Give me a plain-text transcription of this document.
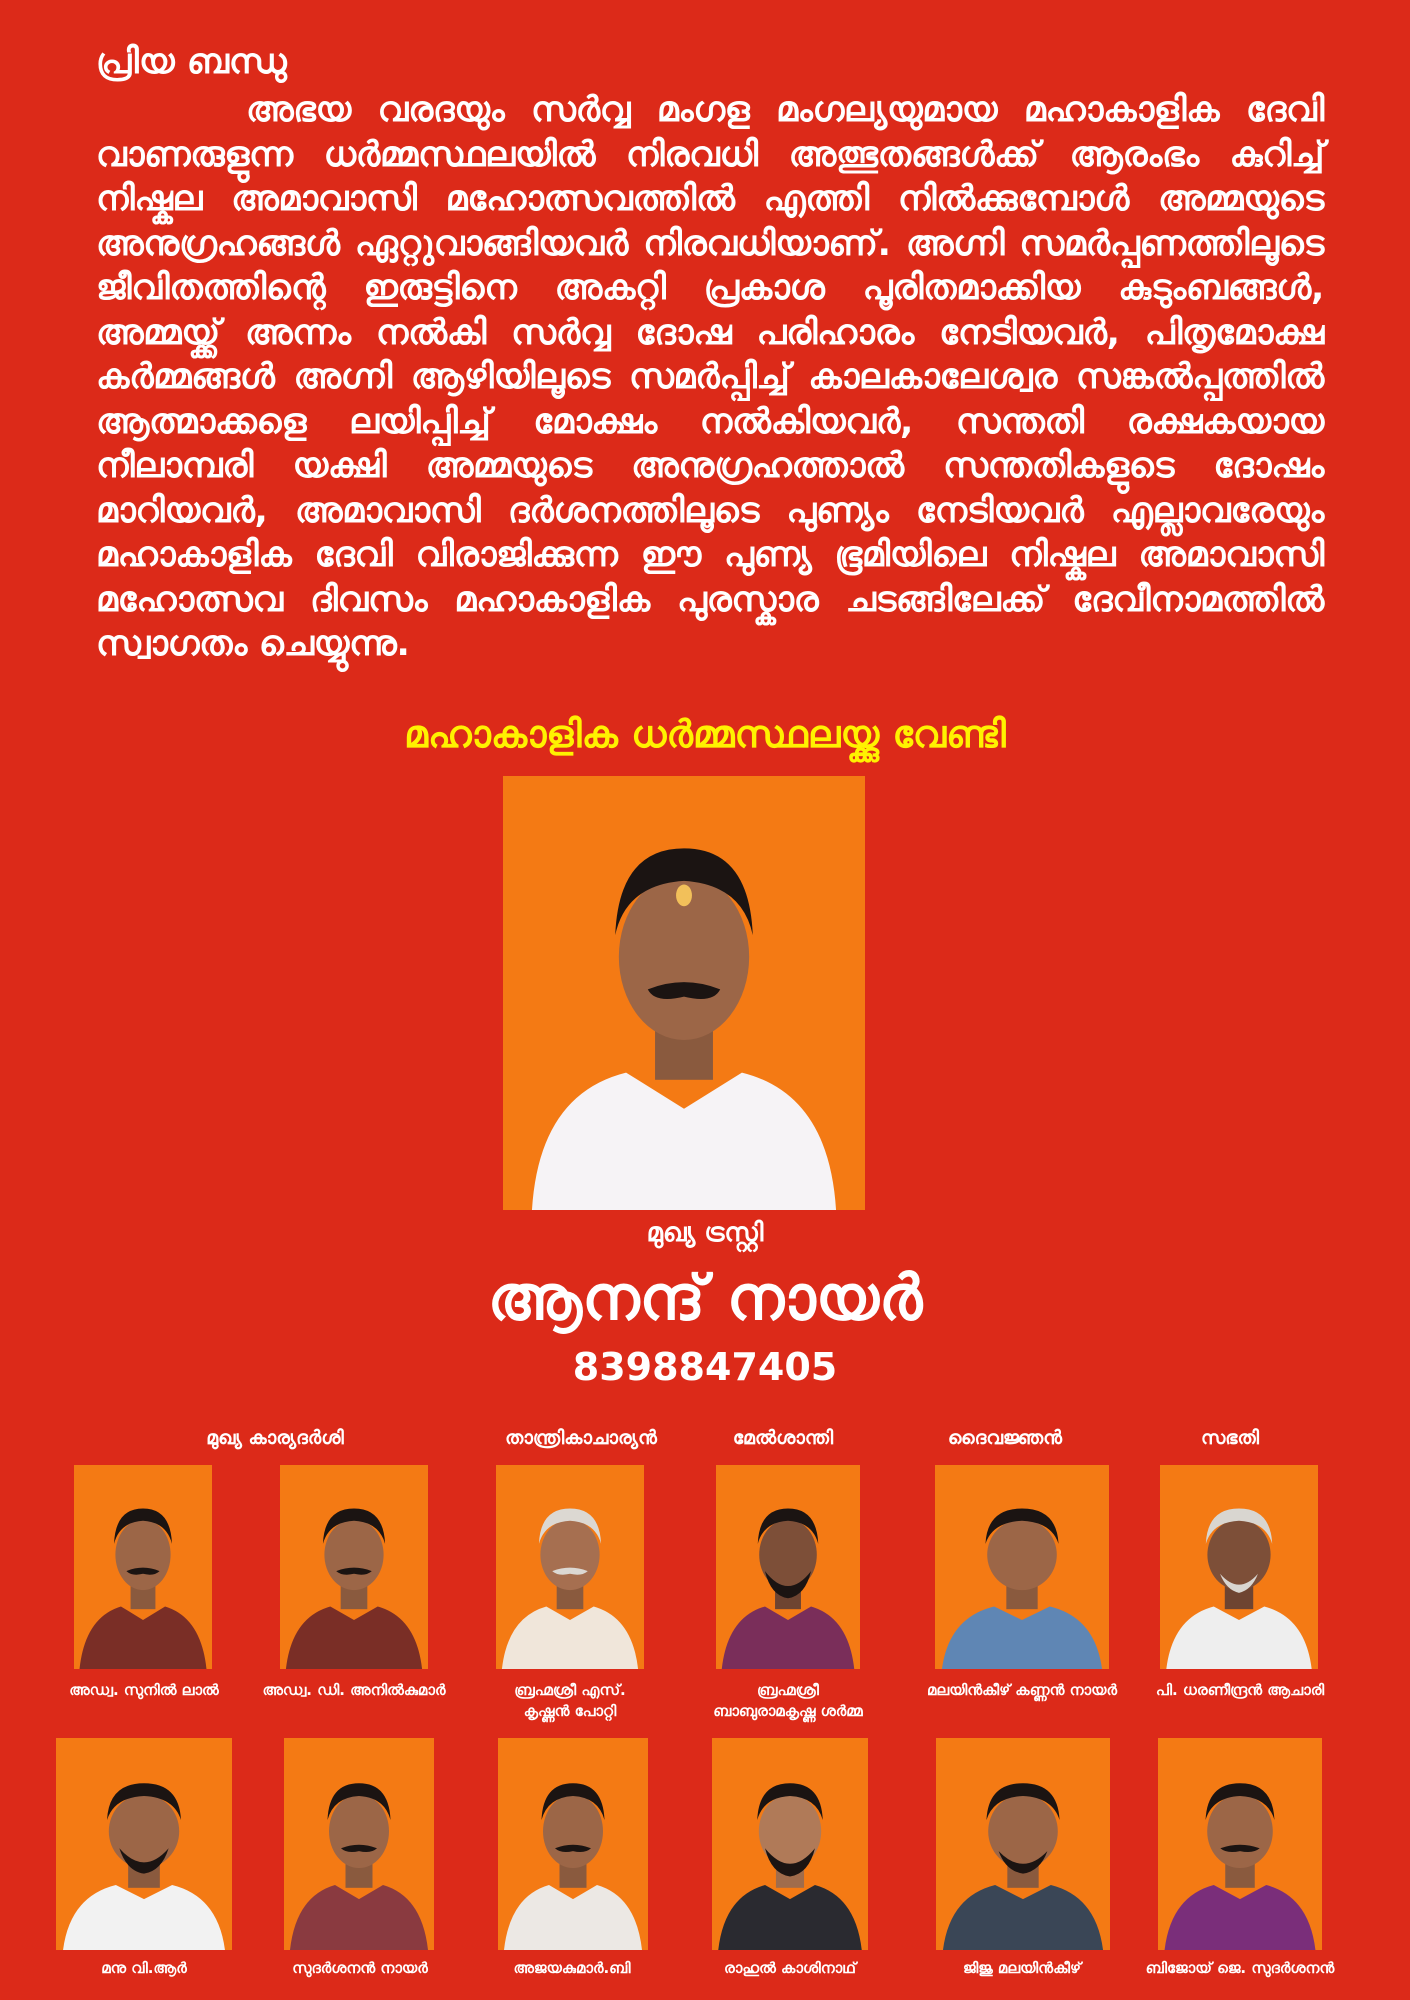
പ്രിയ ബന്ധു

അഭയ വരദയും സർവ്വ മംഗള മംഗല്യയുമായ മഹാകാളിക ദേവി വാണരുളുന്ന ധർമ്മസ്ഥലയിൽ നിരവധി അത്ഭുതങ്ങൾക്ക് ആരംഭം കുറിച്ച് നിഷ്കല അമാവാസി മഹോത്സവത്തിൽ എത്തി നിൽക്കുമ്പോൾ അമ്മയുടെ അനുഗ്രഹങ്ങൾ ഏറ്റുവാങ്ങിയവർ നിരവധിയാണ്. അഗ്നി സമർപ്പണത്തിലൂടെ ജീവിതത്തിന്റെ ഇരുട്ടിനെ അകറ്റി പ്രകാശ പൂരിതമാക്കിയ കുടുംബങ്ങൾ, അമ്മയ്ക്ക് അന്നം നൽകി സർവ്വ ദോഷ പരിഹാരം നേടിയവർ, പിതൃമോക്ഷ കർമ്മങ്ങൾ അഗ്നി ആഴിയിലൂടെ സമർപ്പിച്ച് കാലകാലേശ്വര സങ്കൽപ്പത്തിൽ ആത്മാക്കളെ ലയിപ്പിച്ച് മോക്ഷം നൽകിയവർ, സന്തതി രക്ഷകയായ നീലാമ്പരി യക്ഷി അമ്മയുടെ അനുഗ്രഹത്താൽ സന്തതികളുടെ ദോഷം മാറിയവർ, അമാവാസി ദർശനത്തിലൂടെ പുണ്യം നേടിയവർ എല്ലാവരേയും മഹാകാളിക ദേവി വിരാജിക്കുന്ന ഈ പുണ്യ ഭൂമിയിലെ നിഷ്കല അമാവാസി മഹോത്സവ ദിവസം മഹാകാളിക പുരസ്കാര ചടങ്ങിലേക്ക് ദേവീനാമത്തിൽ സ്വാഗതം ചെയ്യുന്നു.

മഹാകാളിക ധർമ്മസ്ഥലയ്ക്കു വേണ്ടി

മുഖ്യ ട്രസ്റ്റി
ആനന്ദ് നായർ
8398847405
മുഖ്യ കാര്യദർശി	താന്ത്രികാചാര്യൻ	മേൽശാന്തി	ദൈവജ്ഞൻ	സഭതി
അഡ്വ. സുനിൽ ലാൽ	അഡ്വ. ഡി. അനിൽകുമാർ	ബ്രഹ്മശ്രീ എസ്.
കൃഷ്ണൻ പോറ്റി
ബ്രഹ്മശ്രീ
ബാബുരാമകൃഷ്ണ ശർമ്മ
മലയിൻകീഴ് കണ്ണൻ നായർ	പി. ധരണീന്ദ്രൻ ആചാരി
മനു വി.ആർ	സുദർശനൻ നായർ	അജയകുമാർ.ബി	രാഹുൽ കാശിനാഥ്	ജിജു മലയിൻകീഴ്	ബിജോയ് ജെ. സുദർശനൻ
